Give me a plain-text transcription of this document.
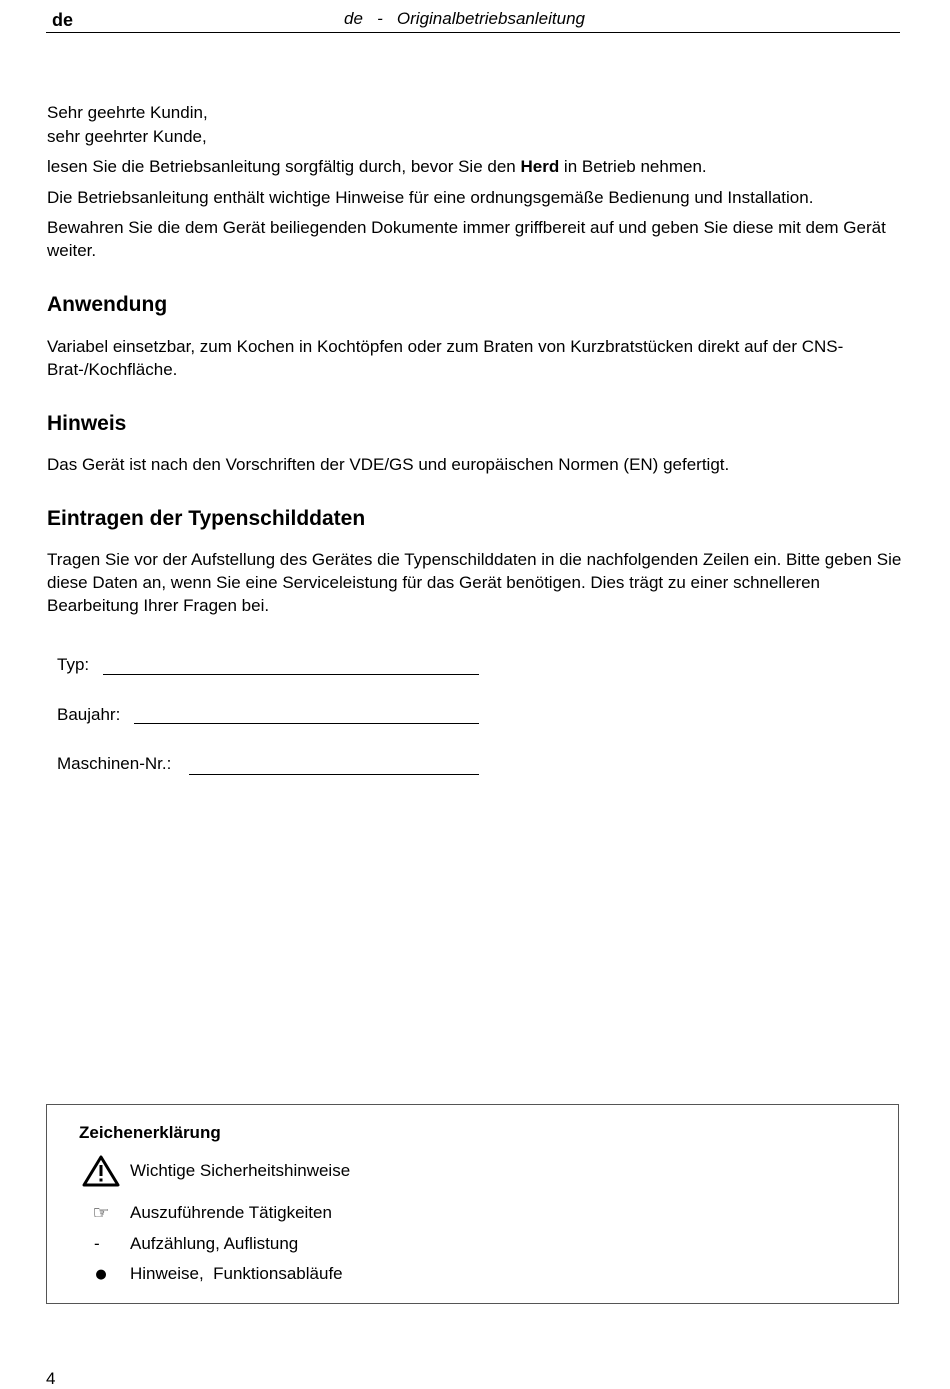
de	de   -   Originalbetriebsanleitung

Sehr geehrte Kundin,

sehr geehrter Kunde,

lesen Sie die Betriebsanleitung sorgfältig durch, bevor Sie den Herd in Betrieb nehmen.

Die Betriebsanleitung enthält wichtige Hinweise für eine ordnungsgemäße Bedienung und Installation.

Bewahren Sie die dem Gerät beiliegenden Dokumente immer griffbereit auf und geben Sie diese mit dem Gerät weiter.

Anwendung

Variabel einsetzbar, zum Kochen in Kochtöpfen oder zum Braten von Kurzbratstücken direkt auf der CNS-Brat-/Kochfläche.

Hinweis

Das Gerät ist nach den Vorschriften der VDE/GS und europäischen Normen (EN) gefertigt.

Eintragen der Typenschilddaten

Tragen Sie vor der Aufstellung des Gerätes die Typenschilddaten in die nachfolgenden Zeilen ein. Bitte geben Sie diese Daten an, wenn Sie eine Serviceleistung für das Gerät benötigen. Dies trägt zu einer schnelleren Bearbeitung Ihrer Fragen bei.

Typ:
Baujahr:
Maschinen-Nr.:
Zeichenerklärung
Wichtige Sicherheitshinweise
☞	Auszuführende Tätigkeiten
-	Aufzählung, Auflistung
●	Hinweise,  Funktionsabläufe
4
